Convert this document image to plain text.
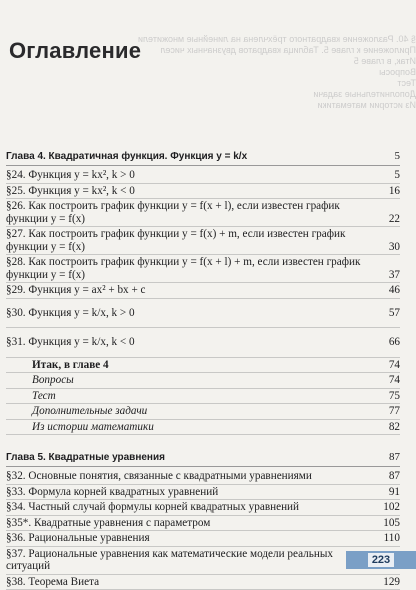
§ 40. Разложение квадратного трёхчлена на линейные множители
Приложение к главе 5. Таблица квадратов двузначных чисел
Итак, в главе 5
Вопросы
Тест
Дополнительные задачи
Из истории математики
Оглавление
Глава 4. Квадратичная функция. Функция y = k/x	5
§24. Функция y = kx², k > 0	5
§25. Функция y = kx², k < 0	16
§26. Как построить график функции y = f(x + l), если известен график функции y = f(x)	22
§27. Как построить график функции y = f(x) + m, если известен график функции y = f(x)	30
§28. Как построить график функции y = f(x + l) + m, если известен график функции y = f(x)	37
§29. Функция y = ax² + bx + c	46
§30. Функция y = k/x, k > 0	57
§31. Функция y = k/x, k < 0	66
Итак, в главе 4	74
Вопросы	74
Тест	75
Дополнительные задачи	77
Из истории математики	82
Глава 5. Квадратные уравнения	87
§32. Основные понятия, связанные с квадратными уравнениями	87
§33. Формула корней квадратных уравнений	91
§34. Частный случай формулы корней квадратных уравнений	102
§35*. Квадратные уравнения с параметром	105
§36. Рациональные уравнения	110
§37. Рациональные уравнения как математические модели реальных ситуаций
§38. Теорема Виета	129
223
